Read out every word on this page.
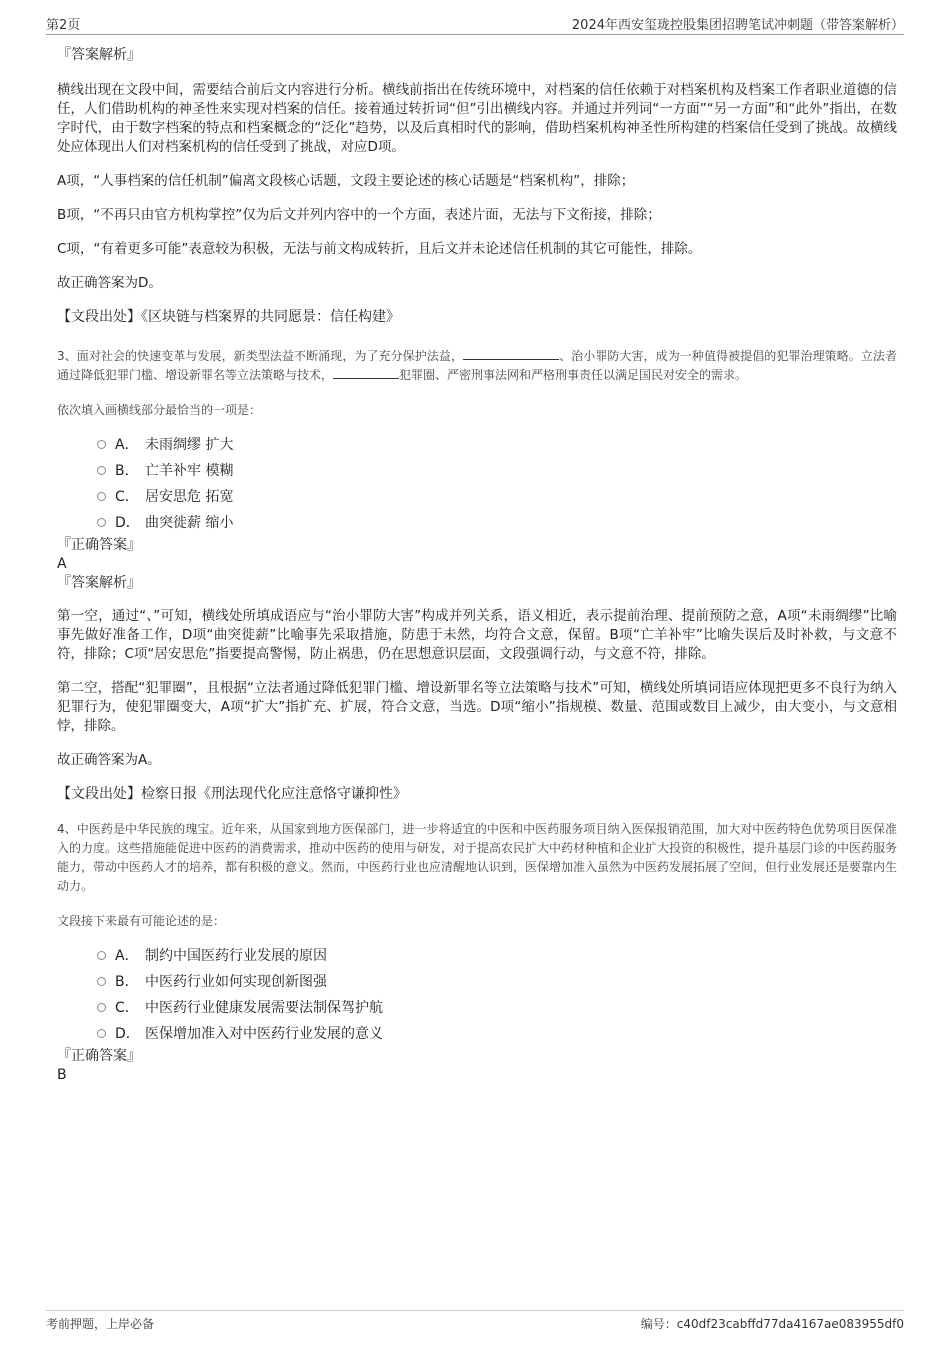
第2页	2024年西安玺珑控股集团招聘笔试冲刺题（带答案解析）

『答案解析』

横线出现在文段中间，需要结合前后文内容进行分析。横线前指出在传统环境中，对档案的信任依赖于对档案机构及档案工作者职业道德的信任，人们借助机构的神圣性来实现对档案的信任。接着通过转折词“但”引出横线内容。并通过并列词“一方面”“另一方面”和“此外”指出，在数字时代，由于数字档案的特点和档案概念的“泛化”趋势，以及后真相时代的影响，借助档案机构神圣性所构建的档案信任受到了挑战。故横线处应体现出人们对档案机构的信任受到了挑战，对应D项。

A项，“人事档案的信任机制”偏离文段核心话题，文段主要论述的核心话题是“档案机构”，排除；

B项，“不再只由官方机构掌控”仅为后文并列内容中的一个方面，表述片面，无法与下文衔接，排除；

C项，“有着更多可能”表意较为积极，无法与前文构成转折，且后文并未论述信任机制的其它可能性，排除。

故正确答案为D。

【文段出处】《区块链与档案界的共同愿景：信任构建》

3、面对社会的快速变革与发展，新类型法益不断涌现，为了充分保护法益，	、治小罪防大害，成为一种值得被提倡的犯罪治理策略。立法者通过降低犯罪门槛、增设新罪名等立法策略与技术，	犯罪圈、严密刑事法网和严格刑事责任以满足国民对安全的需求。

依次填入画横线部分最恰当的一项是：

A． 未雨绸缪 扩大
B． 亡羊补牢 模糊
C． 居安思危 拓宽
D． 曲突徙薪 缩小

『正确答案』

A

『答案解析』

第一空，通过“、”可知，横线处所填成语应与“治小罪防大害”构成并列关系，语义相近，表示提前治理、提前预防之意，A项“未雨绸缪”比喻事先做好准备工作，D项“曲突徙薪”比喻事先采取措施，防患于未然，均符合文意，保留。B项“亡羊补牢”比喻失误后及时补救，与文意不符，排除；C项“居安思危”指要提高警惕，防止祸患，仍在思想意识层面，文段强调行动，与文意不符，排除。

第二空，搭配“犯罪圈”，且根据“立法者通过降低犯罪门槛、增设新罪名等立法策略与技术”可知，横线处所填词语应体现把更多不良行为纳入犯罪行为，使犯罪圈变大，A项“扩大”指扩充、扩展，符合文意，当选。D项“缩小”指规模、数量、范围或数目上减少，由大变小，与文意相悖，排除。

故正确答案为A。

【文段出处】检察日报《刑法现代化应注意恪守谦抑性》

4、中医药是中华民族的瑰宝。近年来，从国家到地方医保部门，进一步将适宜的中医和中医药服务项目纳入医保报销范围，加大对中医药特色优势项目医保准入的力度。这些措施能促进中医药的消费需求，推动中医药的使用与研发，对于提高农民扩大中药材种植和企业扩大投资的积极性，提升基层门诊的中医药服务能力，带动中医药人才的培养，都有积极的意义。然而，中医药行业也应清醒地认识到，医保增加准入虽然为中医药发展拓展了空间，但行业发展还是要靠内生动力。

文段接下来最有可能论述的是：

A． 制约中国医药行业发展的原因
B． 中医药行业如何实现创新图强
C． 中医药行业健康发展需要法制保驾护航
D． 医保增加准入对中医药行业发展的意义

『正确答案』

B

考前押题，上岸必备	编号：c40df23cabffd77da4167ae083955df0
